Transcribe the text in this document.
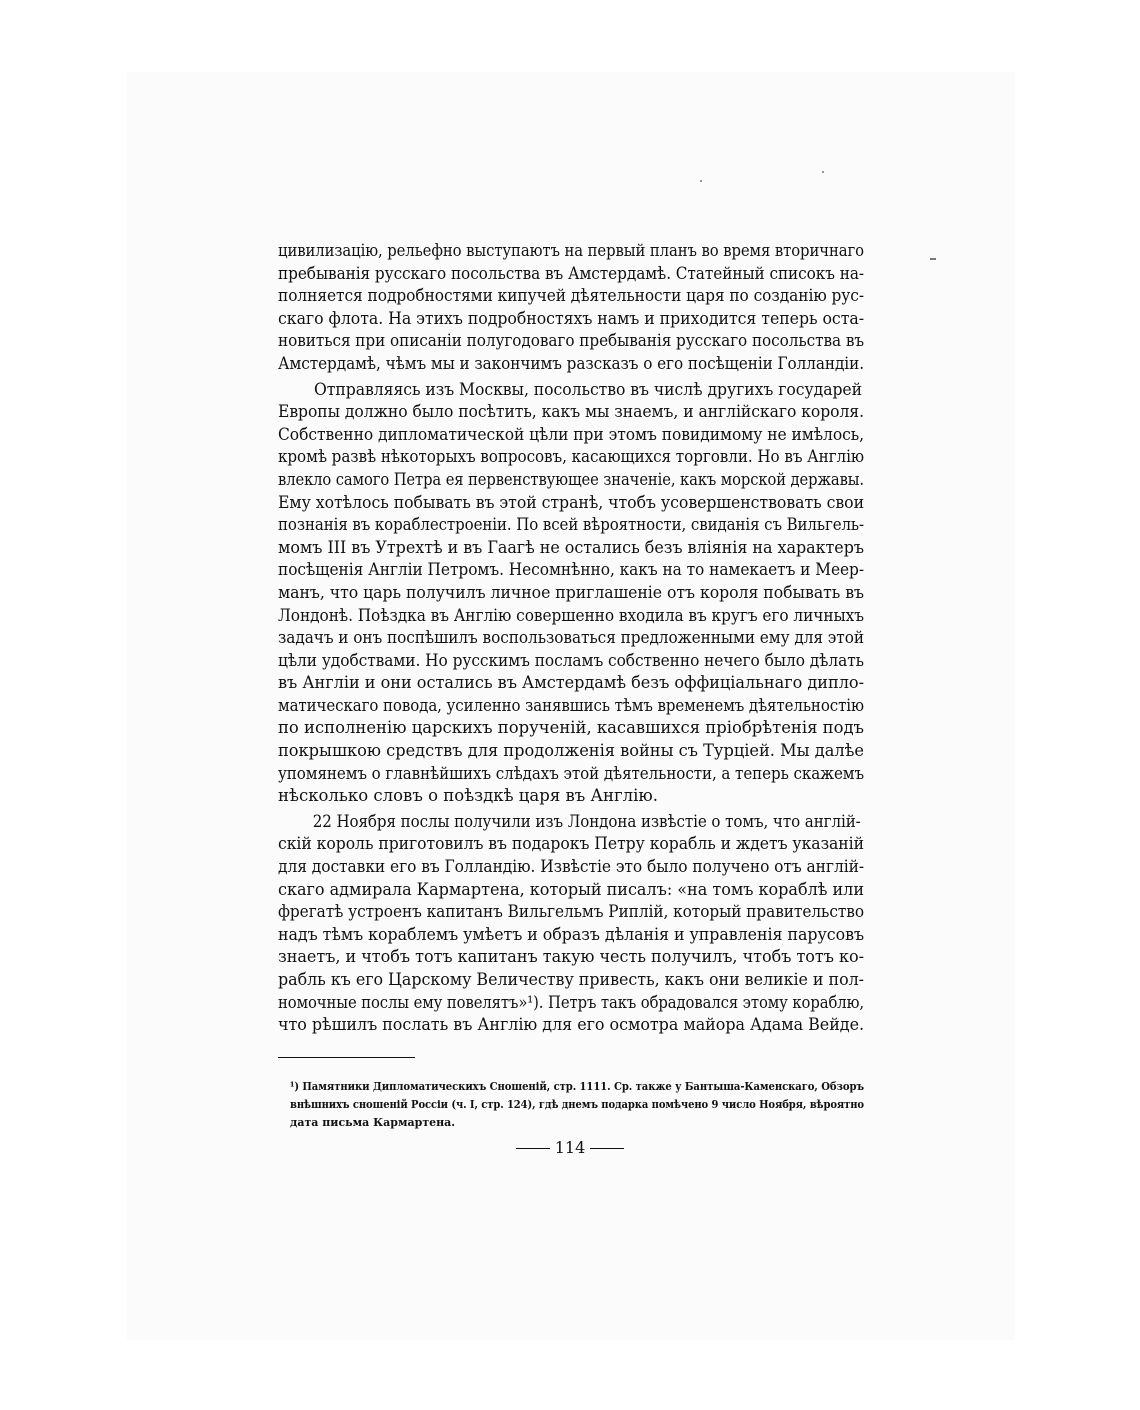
цивилизацію, рельефно выступаютъ на первый планъ во время вторичнаго
пребыванія русскаго посольства въ Амстердамѣ. Статейный списокъ на-
полняется подробностями кипучей дѣятельности царя по созданію рус-
скаго флота. На этихъ подробностяхъ намъ и приходится теперь оста-
новиться при описаніи полугодоваго пребыванія русскаго посольства въ
Амстердамѣ, чѣмъ мы и закончимъ разсказъ о его посѣщеніи Голландіи.
Отправляясь изъ Москвы, посольство въ числѣ другихъ государей
Европы должно было посѣтить, какъ мы знаемъ, и англійскаго короля.
Собственно дипломатической цѣли при этомъ повидимому не имѣлось,
кромѣ развѣ нѣкоторыхъ вопросовъ, касающихся торговли. Но въ Англію
влекло самого Петра ея первенствующее значеніе, какъ морской державы.
Ему хотѣлось побывать въ этой странѣ, чтобъ усовершенствовать свои
познанія въ кораблестроеніи. По всей вѣроятности, свиданія съ Вильгель-
момъ III въ Утрехтѣ и въ Гаагѣ не остались безъ вліянія на характеръ
посѣщенія Англіи Петромъ. Несомнѣнно, какъ на то намекаетъ и Меер-
манъ, что царь получилъ личное приглашеніе отъ короля побывать въ
Лондонѣ. Поѣздка въ Англію совершенно входила въ кругъ его личныхъ
задачъ и онъ поспѣшилъ воспользоваться предложенными ему для этой
цѣли удобствами. Но русскимъ посламъ собственно нечего было дѣлать
въ Англіи и они остались въ Амстердамѣ безъ оффиціальнаго дипло-
матическаго повода, усиленно занявшись тѣмъ временемъ дѣятельностію
по исполненію царскихъ порученій, касавшихся пріобрѣтенія подъ
покрышкою средствъ для продолженія войны съ Турціей. Мы далѣе
упомянемъ о главнѣйшихъ слѣдахъ этой дѣятельности, а теперь скажемъ
нѣсколько словъ о поѣздкѣ царя въ Англію.
22 Ноября послы получили изъ Лондона извѣстіе о томъ, что англій-
скій король приготовилъ въ подарокъ Петру корабль и ждетъ указаній
для доставки его въ Голландію. Извѣстіе это было получено отъ англій-
скаго адмирала Кармартена, который писалъ: «на томъ кораблѣ или
фрегатѣ устроенъ капитанъ Вильгельмъ Риплій, который правительство
надъ тѣмъ кораблемъ умѣетъ и образъ дѣланія и управленія парусовъ
знаетъ, и чтобъ тотъ капитанъ такую честь получилъ, чтобъ тотъ ко-
рабль къ его Царскому Величеству привесть, какъ они великіе и пол-
номочные послы ему повелятъ»¹). Петръ такъ обрадовался этому кораблю,
что рѣшилъ послать въ Англію для его осмотра майора Адама Вейде.
¹) Памятники Дипломатическихъ Сношеній, стр. 1111. Ср. также у Бантыша-Каменскаго, Обзоръ
внѣшнихъ сношеній Россіи (ч. I, стр. 124), гдѣ днемъ подарка помѣчено 9 число Ноября, вѣроятно
дата письма Кармартена.
114
